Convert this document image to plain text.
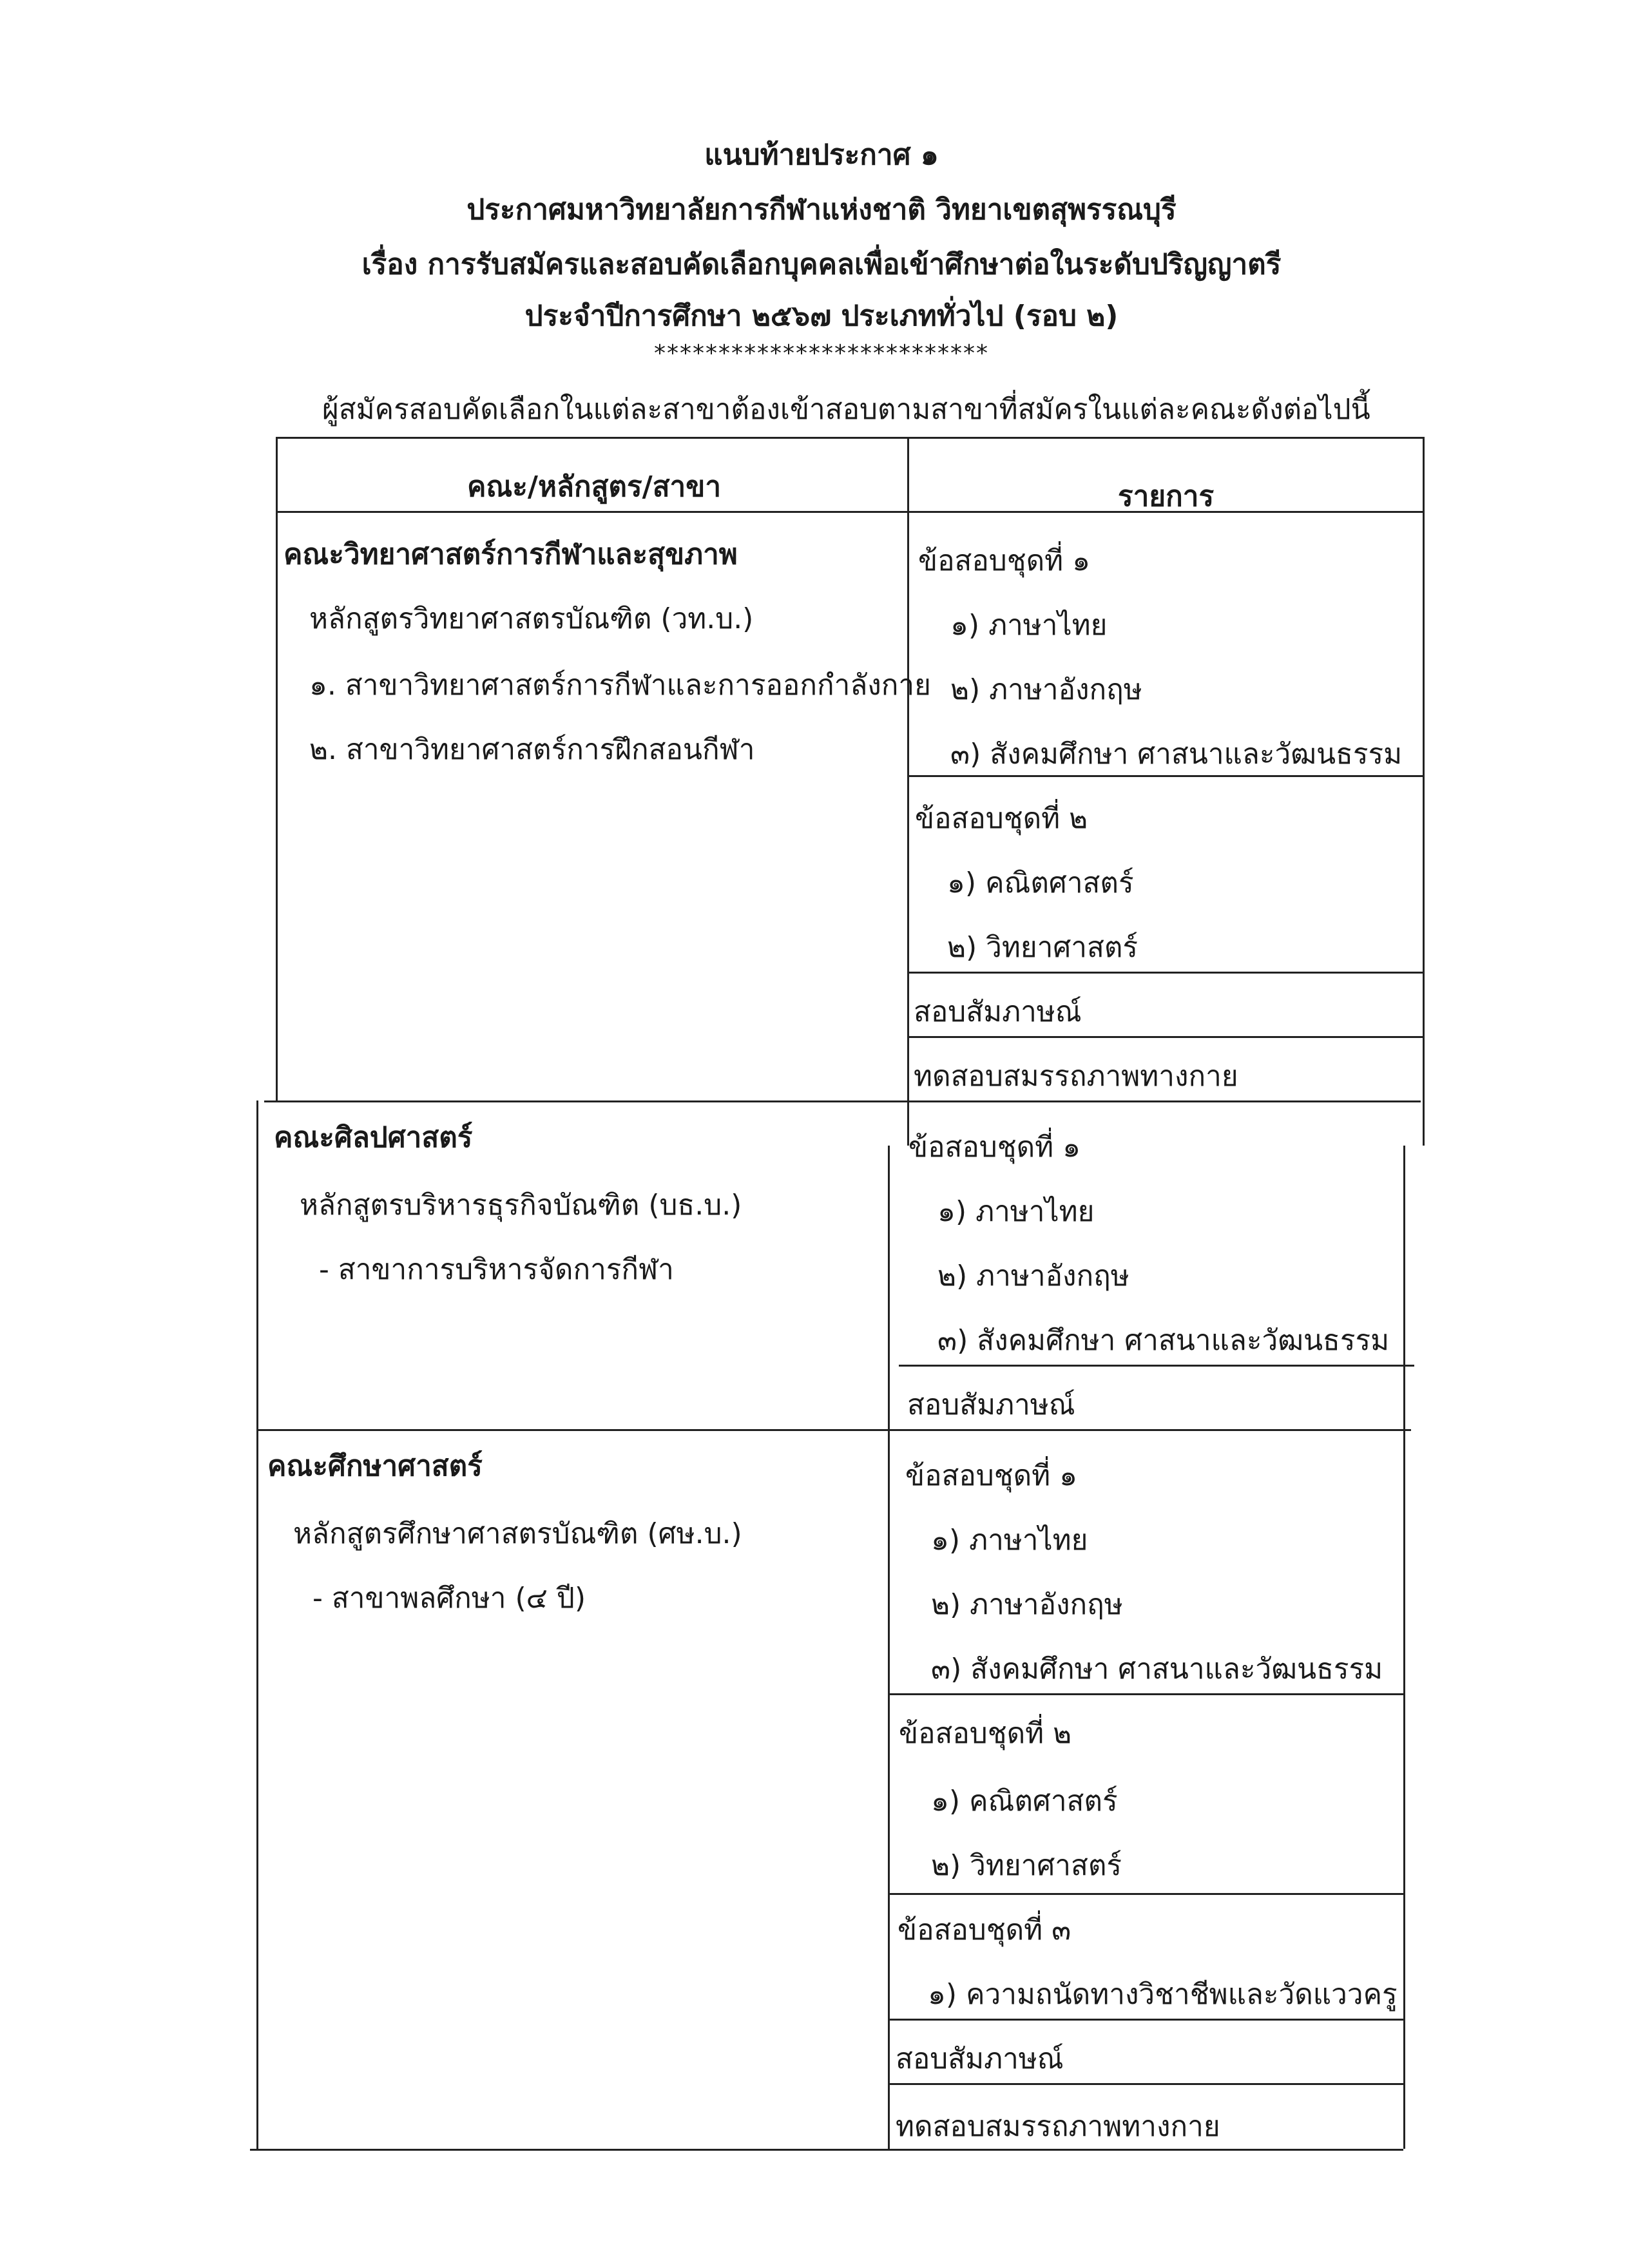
แนบท้ายประกาศ ๑
ประกาศมหาวิทยาลัยการกีฬาแห่งชาติ วิทยาเขตสุพรรณบุรี
เรื่อง การรับสมัครและสอบคัดเลือกบุคคลเพื่อเข้าศึกษาต่อในระดับปริญญาตรี
ประจำปีการศึกษา ๒๕๖๗ ประเภททั่วไป (รอบ ๒)
**************************
ผู้สมัครสอบคัดเลือกในแต่ละสาขาต้องเข้าสอบตามสาขาที่สมัครในแต่ละคณะดังต่อไปนี้
คณะ/หลักสูตร/สาขา	รายการ
คณะวิทยาศาสตร์การกีฬาและสุขภาพ
หลักสูตรวิทยาศาสตรบัณฑิต (วท.บ.)
๑. สาขาวิทยาศาสตร์การกีฬาและการออกกำลังกาย
๒. สาขาวิทยาศาสตร์การฝึกสอนกีฬา
ข้อสอบชุดที่ ๑
๑) ภาษาไทย
๒) ภาษาอังกฤษ
๓) สังคมศึกษา ศาสนาและวัฒนธรรม
ข้อสอบชุดที่ ๒
๑) คณิตศาสตร์
๒) วิทยาศาสตร์
สอบสัมภาษณ์
ทดสอบสมรรถภาพทางกาย
คณะศิลปศาสตร์
หลักสูตรบริหารธุรกิจบัณฑิต (บธ.บ.)
- สาขาการบริหารจัดการกีฬา
ข้อสอบชุดที่ ๑
๑) ภาษาไทย
๒) ภาษาอังกฤษ
๓) สังคมศึกษา ศาสนาและวัฒนธรรม
สอบสัมภาษณ์
คณะศึกษาศาสตร์
หลักสูตรศึกษาศาสตรบัณฑิต (ศษ.บ.)
- สาขาพลศึกษา (๔ ปี)
ข้อสอบชุดที่ ๑
๑) ภาษาไทย
๒) ภาษาอังกฤษ
๓) สังคมศึกษา ศาสนาและวัฒนธรรม
ข้อสอบชุดที่ ๒
๑) คณิตศาสตร์
๒) วิทยาศาสตร์
ข้อสอบชุดที่ ๓
๑) ความถนัดทางวิชาชีพและวัดแววครู
สอบสัมภาษณ์
ทดสอบสมรรถภาพทางกาย
